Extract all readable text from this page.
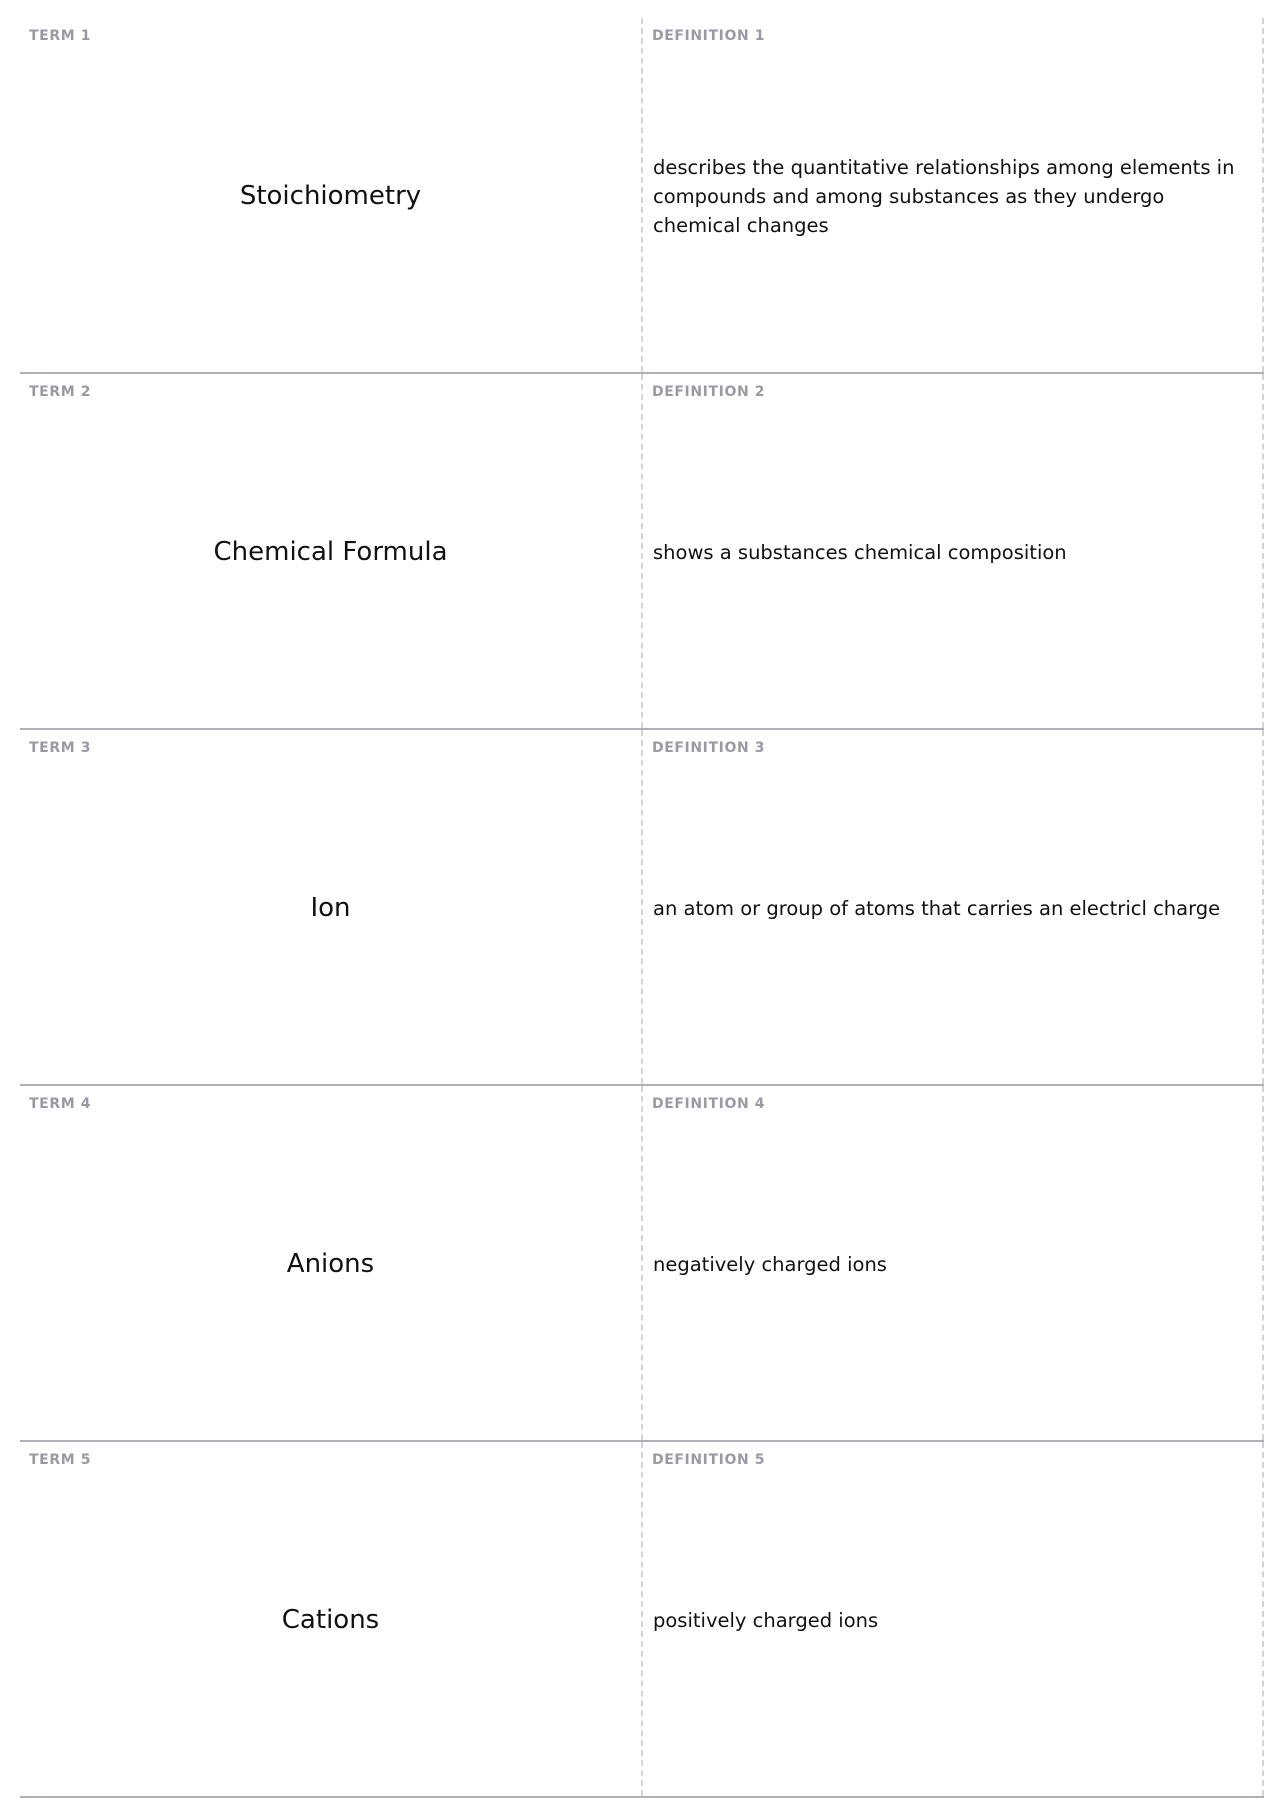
TERM 1
Stoichiometry
DEFINITION 1
describes the quantitative relationships among elements in compounds and among substances as they undergo chemical changes
TERM 2
Chemical Formula
DEFINITION 2
shows a substances chemical composition
TERM 3
Ion
DEFINITION 3
an atom or group of atoms that carries an electricl charge
TERM 4
Anions
DEFINITION 4
negatively charged ions
TERM 5
Cations
DEFINITION 5
positively charged ions
